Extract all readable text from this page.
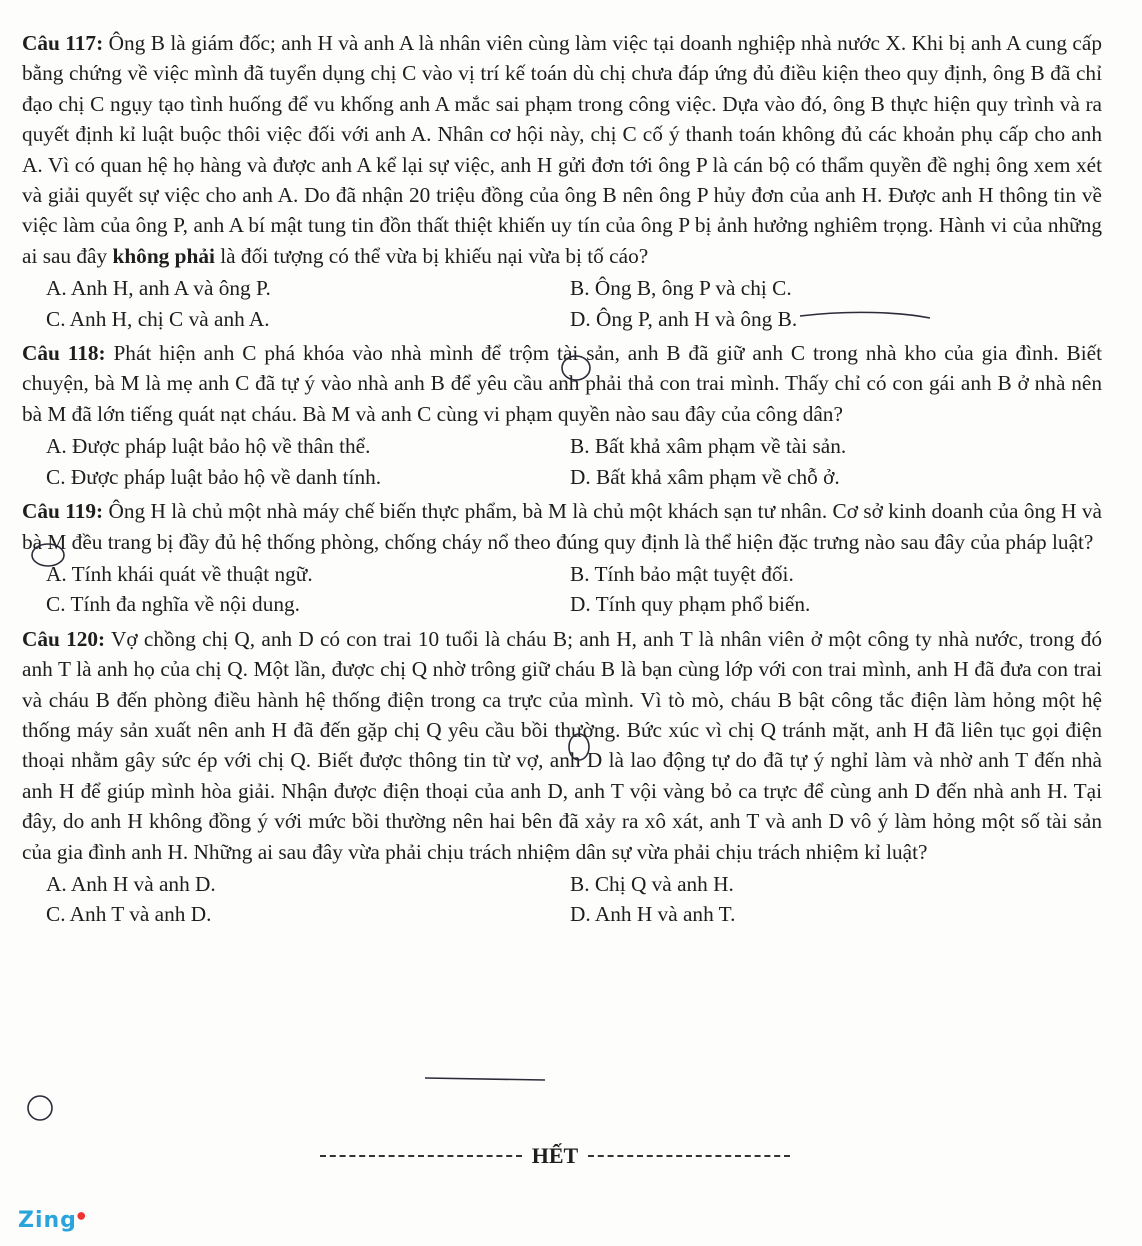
Câu 117: Ông B là giám đốc; anh H và anh A là nhân viên cùng làm việc tại doanh nghiệp nhà nước X. Khi bị anh A cung cấp bằng chứng về việc mình đã tuyển dụng chị C vào vị trí kế toán dù chị chưa đáp ứng đủ điều kiện theo quy định, ông B đã chỉ đạo chị C ngụy tạo tình huống để vu khống anh A mắc sai phạm trong công việc. Dựa vào đó, ông B thực hiện quy trình và ra quyết định kỉ luật buộc thôi việc đối với anh A. Nhân cơ hội này, chị C cố ý thanh toán không đủ các khoản phụ cấp cho anh A. Vì có quan hệ họ hàng và được anh A kể lại sự việc, anh H gửi đơn tới ông P là cán bộ có thẩm quyền đề nghị ông xem xét và giải quyết sự việc cho anh A. Do đã nhận 20 triệu đồng của ông B nên ông P hủy đơn của anh H. Được anh H thông tin về việc làm của ông P, anh A bí mật tung tin đồn thất thiệt khiến uy tín của ông P bị ảnh hưởng nghiêm trọng. Hành vi của những ai sau đây không phải là đối tượng có thể vừa bị khiếu nại vừa bị tố cáo?

A. Anh H, anh A và ông P.	B. Ông B, ông P và chị C.
C. Anh H, chị C và anh A.	D. Ông P, anh H và ông B.

Câu 118: Phát hiện anh C phá khóa vào nhà mình để trộm tài sản, anh B đã giữ anh C trong nhà kho của gia đình. Biết chuyện, bà M là mẹ anh C đã tự ý vào nhà anh B để yêu cầu anh phải thả con trai mình. Thấy chỉ có con gái anh B ở nhà nên bà M đã lớn tiếng quát nạt cháu. Bà M và anh C cùng vi phạm quyền nào sau đây của công dân?

A. Được pháp luật bảo hộ về thân thể.	B. Bất khả xâm phạm về tài sản.
C. Được pháp luật bảo hộ về danh tính.	D. Bất khả xâm phạm về chỗ ở.

Câu 119: Ông H là chủ một nhà máy chế biến thực phẩm, bà M là chủ một khách sạn tư nhân. Cơ sở kinh doanh của ông H và bà M đều trang bị đầy đủ hệ thống phòng, chống cháy nổ theo đúng quy định là thể hiện đặc trưng nào sau đây của pháp luật?

A. Tính khái quát về thuật ngữ.	B. Tính bảo mật tuyệt đối.
C. Tính đa nghĩa về nội dung.	D. Tính quy phạm phổ biến.

Câu 120: Vợ chồng chị Q, anh D có con trai 10 tuổi là cháu B; anh H, anh T là nhân viên ở một công ty nhà nước, trong đó anh T là anh họ của chị Q. Một lần, được chị Q nhờ trông giữ cháu B là bạn cùng lớp với con trai mình, anh H đã đưa con trai và cháu B đến phòng điều hành hệ thống điện trong ca trực của mình. Vì tò mò, cháu B bật công tắc điện làm hỏng một hệ thống máy sản xuất nên anh H đã đến gặp chị Q yêu cầu bồi thường. Bức xúc vì chị Q tránh mặt, anh H đã liên tục gọi điện thoại nhằm gây sức ép với chị Q. Biết được thông tin từ vợ, anh D là lao động tự do đã tự ý nghỉ làm và nhờ anh T đến nhà anh H để giúp mình hòa giải. Nhận được điện thoại của anh D, anh T vội vàng bỏ ca trực để cùng anh D đến nhà anh H. Tại đây, do anh H không đồng ý với mức bồi thường nên hai bên đã xảy ra xô xát, anh T và anh D vô ý làm hỏng một số tài sản của gia đình anh H. Những ai sau đây vừa phải chịu trách nhiệm dân sự vừa phải chịu trách nhiệm kỉ luật?

A. Anh H và anh D.	B. Chị Q và anh H.
C. Anh T và anh D.	D. Anh H và anh T.
HẾT
Zing●
